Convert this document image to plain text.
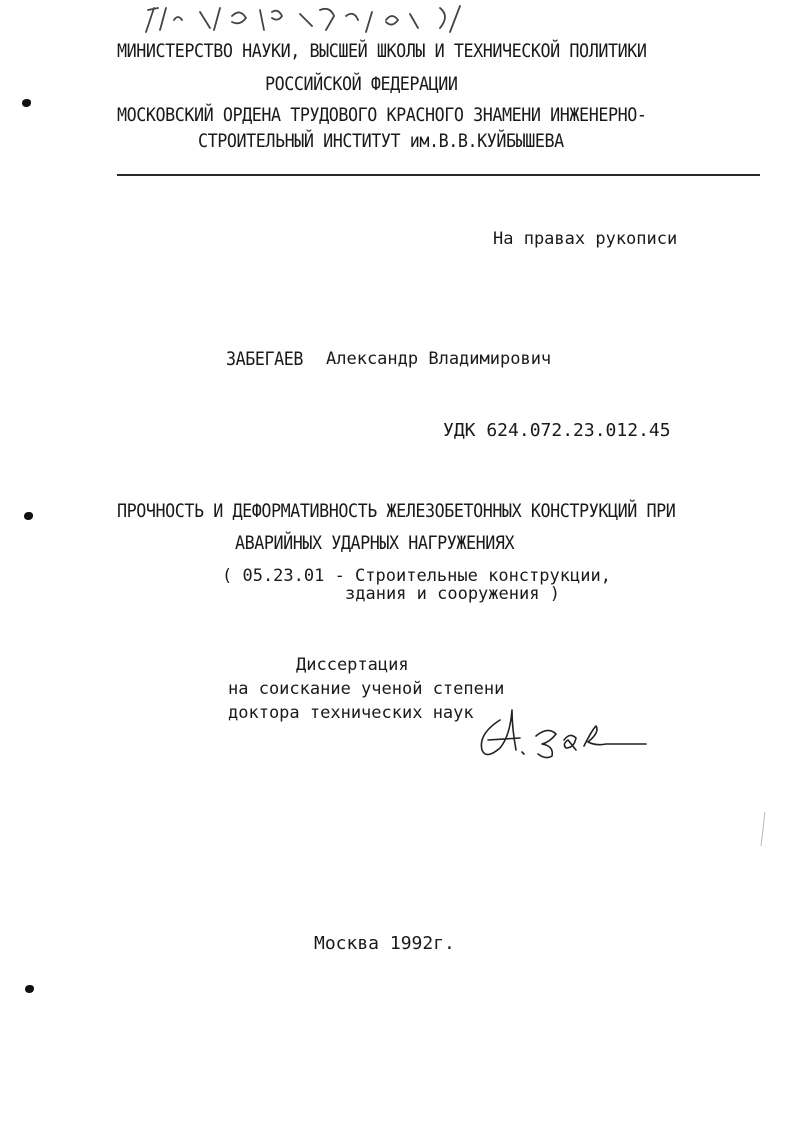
МИНИСТЕРСТВО НАУКИ, ВЫСШЕЙ ШКОЛЫ И ТЕХНИЧЕСКОЙ ПОЛИТИКИ
РОССИЙСКОЙ ФЕДЕРАЦИИ
МОСКОВСКИЙ ОРДЕНА ТРУДОВОГО КРАСНОГО ЗНАМЕНИ ИНЖЕНЕРНО-
СТРОИТЕЛЬНЫЙ ИНСТИТУТ им.В.В.КУЙБЫШЕВА
На правах рукописи
ЗАБЕГАЕВ Александр Владимирович
УДК 624.072.23.012.45
ПРОЧНОСТЬ И ДЕФОРМАТИВНОСТЬ ЖЕЛЕЗОБЕТОННЫХ КОНСТРУКЦИЙ ПРИ
АВАРИЙНЫХ УДАРНЫХ НАГРУЖЕНИЯХ
( 05.23.01 - Строительные конструкции,
здания и сооружения )
Диссертация
на соискание ученой степени
доктора технических наук
Москва 1992г.
